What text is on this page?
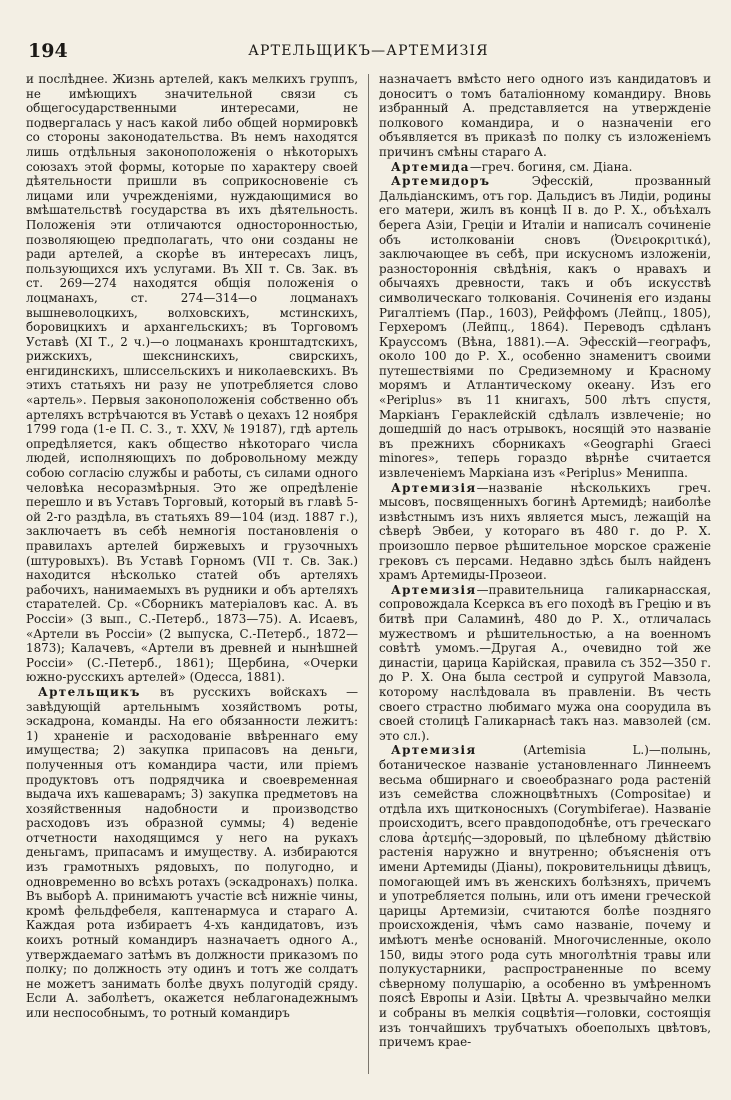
194	АРТЕЛЬЩИКЪ—АРТЕМИЗІЯ

и послѣднее. Жизнь артелей, какъ мелкихъ группъ, не имѣющихъ значительной связи съ общегосударственными интересами, не подвергалась у насъ какой либо общей нормировкѣ со стороны законодательства. Въ немъ находятся лишь отдѣльныя законоположенія о нѣкоторыхъ союзахъ этой формы, которые по характеру своей дѣятельности пришли въ соприкосновеніе съ лицами или учрежденіями, нуждающимися во вмѣшательствѣ государства въ ихъ дѣятельность. Положенія эти отличаются односторонностью, позволяющею предполагать, что они созданы не ради артелей, а скорѣе въ интересахъ лицъ, пользующихся ихъ услугами. Въ XII т. Св. Зак. въ ст. 269—274 находятся общія положенія о лоцманахъ, ст. 274—314—о лоцманахъ вышневолоцкихъ, волховскихъ, мстинскихъ, боровицкихъ и архангельскихъ; въ Торговомъ Уставѣ (XI Т., 2 ч.)—о лоцманахъ кронштадтскихъ, рижскихъ, шекснинскихъ, свирскихъ, енгидинскихъ, шлиссельскихъ и николаевскихъ. Въ этихъ статьяхъ ни разу не употребляется слово «артель». Первыя законоположенія собственно объ артеляхъ встрѣчаются въ Уставѣ о цехахъ 12 ноября 1799 года (1-е П. С. З., т. XXV, № 19187), гдѣ артель опредѣляется, какъ общество нѣкотораго числа людей, исполняющихъ по добровольному между собою согласію службы и работы, съ силами одного человѣка несоразмѣрныя. Это же опредѣленіе перешло и въ Уставъ Торговый, который въ главѣ 5-ой 2-го раздѣла, въ статьяхъ 89—104 (изд. 1887 г.), заключаетъ въ себѣ немногія постановленія о правилахъ артелей биржевыхъ и грузочныхъ (штуровыхъ). Въ Уставѣ Горномъ (VII т. Св. Зак.) находится нѣсколько статей объ артеляхъ рабочихъ, нанимаемыхъ въ рудники и объ артеляхъ старателей. Ср. «Сборникъ матеріаловъ кас. А. въ Россіи» (3 вып., С.-Петерб., 1873—75). А. Исаевъ, «Артели въ Россіи» (2 выпуска, С.-Петерб., 1872—1873); Калачевъ, «Артели въ древней и нынѣшней Россіи» (С.-Петерб., 1861); Щербина, «Очерки южно-русскихъ артелей» (Одесса, 1881).

Артельщикъ въ русскихъ войскахъ —завѣдующій артельнымъ хозяйствомъ роты, эскадрона, команды. На его обязанности лежитъ: 1) храненіе и расходованіе ввѣреннаго ему имущества; 2) закупка припасовъ на деньги, полученныя отъ командира части, или пріемъ продуктовъ отъ подрядчика и своевременная выдача ихъ кашеварамъ; 3) закупка предметовъ на хозяйственныя надобности и производство расходовъ изъ образной суммы; 4) веденіе отчетности находящимся у него на рукахъ деньгамъ, припасамъ и имуществу. А. избираются изъ грамотныхъ рядовыхъ, по полугодно, и одновременно во всѣхъ ротахъ (эскадронахъ) полка. Въ выборѣ А. принимаютъ участіе всѣ нижніе чины, кромѣ фельдфебеля, каптенармуса и стараго А. Каждая рота избираетъ 4-хъ кандидатовъ, изъ коихъ ротный командиръ назначаетъ одного А., утверждаемаго затѣмъ въ должности приказомъ по полку; по должность эту одинъ и тотъ же солдатъ не можетъ занимать болѣе двухъ полугодій сряду. Если А. заболѣетъ, окажется неблагонадежнымъ или неспособнымъ, то ротный командиръ

назначаетъ вмѣсто него одного изъ кандидатовъ и доноситъ о томъ баталіонному командиру. Вновь избранный А. представляется на утвержденіе полкового командира, и о назначеніи его объявляется въ приказѣ по полку съ изложеніемъ причинъ смѣны стараго А.

Артемида—греч. богиня, см. Діана.

Артемидоръ Эфесскій, прозванный Дальдіанскимъ, отъ гор. Дальдисъ въ Лидіи, родины его матери, жилъ въ концѣ II в. до Р. Х., объѣхалъ берега Азіи, Греціи и Италіи и написалъ сочиненіе объ истолкованіи сновъ (Ὀνειροκριτικά), заключающее въ себѣ, при искусномъ изложеніи, разностороннія свѣдѣнія, какъ о нравахъ и обычаяхъ древности, такъ и объ искусствѣ символическаго толкованія. Сочиненія его изданы Ригалтіемъ (Пар., 1603), Рейффомъ (Лейпц., 1805), Герхеромъ (Лейпц., 1864). Переводъ сдѣланъ Крауссомъ (Вѣна, 1881).—А. Эфесскій—географъ, около 100 до Р. Х., особенно знаменитъ своими путешествіями по Средиземному и Красному морямъ и Атлантическому океану. Изъ его «Periplus» въ 11 книгахъ, 500 лѣтъ спустя, Маркіанъ Гераклейскій сдѣлалъ извлеченіе; но дошедшій до насъ отрывокъ, носящій это названіе въ прежнихъ сборникахъ «Geographi Graeci minores», теперь гораздо вѣрнѣе считается извлеченіемъ Маркіана изъ «Periplus» Мениппа.

Артемизія—названіе нѣсколькихъ греч. мысовъ, посвященныхъ богинѣ Артемидѣ; наиболѣе извѣстнымъ изъ нихъ является мысъ, лежащій на сѣверѣ Эвбеи, у котораго въ 480 г. до Р. Х. произошло первое рѣшительное морское сраженіе грековъ съ персами. Недавно здѣсь былъ найденъ храмъ Артемиды-Прозеои.

Артемизія—правительница галикарнасская, сопровождала Ксеркса въ его походѣ въ Грецію и въ битвѣ при Саламинѣ, 480 до Р. Х., отличалась мужествомъ и рѣшительностью, а на военномъ совѣтѣ умомъ.—Другая А., очевидно той же династіи, царица Карійская, правила съ 352—350 г. до Р. Х. Она была сестрой и супругой Мавзола, которому наслѣдовала въ правленіи. Въ честь своего страстно любимаго мужа она соорудила въ своей столицѣ Галикарнасѣ такъ наз. мавзолей (см. это сл.).

Артемизія (Artemisia L.)—полынь, ботаническое названіе установленнаго Линнеемъ весьма обширнаго и своеобразнаго рода растеній изъ семейства сложноцвѣтныхъ (Compositae) и отдѣла ихъ щитконосныхъ (Corymbiferae). Названіе происходитъ, всего правдоподобнѣе, отъ греческаго слова ἀρτεμής—здоровый, по цѣлебному дѣйствію растенія наружно и внутренно; объясненія отъ имени Артемиды (Діаны), покровительницы дѣвицъ, помогающей имъ въ женскихъ болѣзняхъ, причемъ и употребляется полынь, или отъ имени греческой царицы Артемизіи, считаются болѣе поздняго происхожденія, чѣмъ само названіе, почему и имѣютъ менѣе основаній. Многочисленные, около 150, виды этого рода суть многолѣтнія травы или полукустарники, распространенные по всему сѣверному полушарію, а особенно въ умѣренномъ поясѣ Европы и Азіи. Цвѣты А. чрезвычайно мелки и собраны въ мелкія соцвѣтія—головки, состоящія изъ тончайшихъ трубчатыхъ обоеполыхъ цвѣтовъ, причемъ крае-
